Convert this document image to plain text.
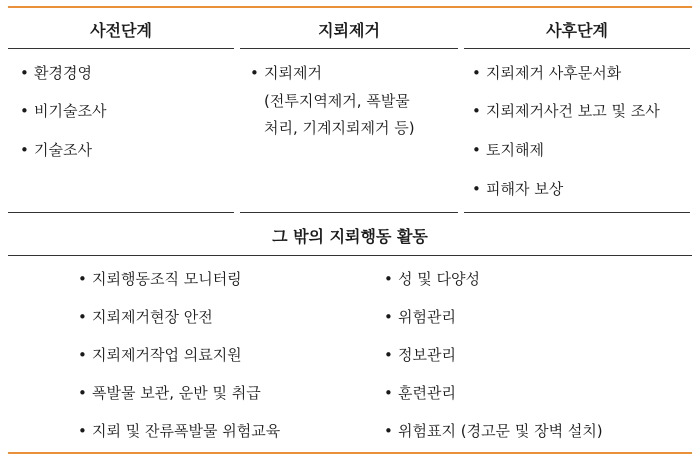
사전단계	지뢰제거	사후단계
• 환경경영
• 비기술조사
• 기술조사
• 지뢰제거
(전투지역제거, 폭발물
처리, 기계지뢰제거 등)
• 지뢰제거 사후문서화
• 지뢰제거사건 보고 및 조사
• 토지해제
• 피해자 보상
그 밖의 지뢰행동 활동
• 지뢰행동조직 모니터링
• 지뢰제거현장 안전
• 지뢰제거작업 의료지원
• 폭발물 보관, 운반 및 취급
• 지뢰 및 잔류폭발물 위험교육
• 성 및 다양성
• 위험관리
• 정보관리
• 훈련관리
• 위험표지 (경고문 및 장벽 설치)
